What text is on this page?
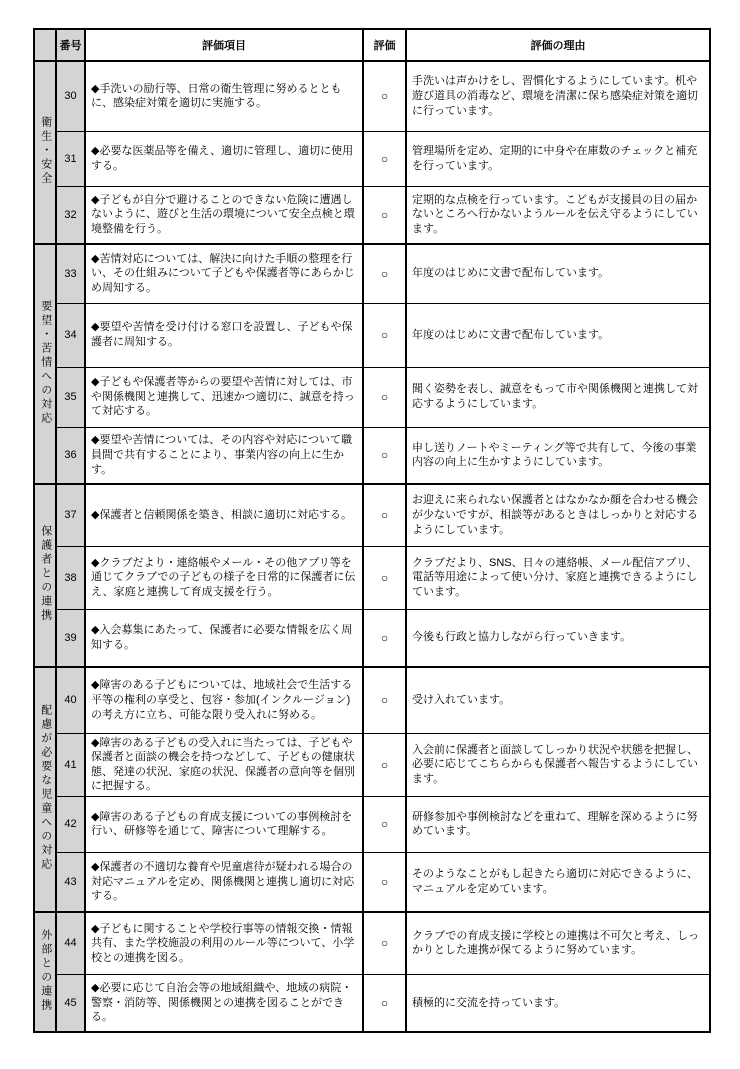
	番号	評価項目	評価	評価の理由
衛生・安全	30	◆手洗いの励行等、日常の衛生管理に努めるとともに、感染症対策を適切に実施する。	○	手洗いは声かけをし、習慣化するようにしています。机や遊び道具の消毒など、環境を清潔に保ち感染症対策を適切に行っています。
	31	◆必要な医薬品等を備え、適切に管理し、適切に使用する。	○	管理場所を定め、定期的に中身や在庫数のチェックと補充を行っています。
	32	◆子どもが自分で避けることのできない危険に遭遇しないように、遊びと生活の環境について安全点検と環境整備を行う。	○	定期的な点検を行っています。こどもが支援員の目の届かないところへ行かないようルールを伝え守るようにしています。
要望・苦情への対応	33	◆苦情対応については、解決に向けた手順の整理を行い、その仕組みについて子どもや保護者等にあらかじめ周知する。	○	年度のはじめに文書で配布しています。
	34	◆要望や苦情を受け付ける窓口を設置し、子どもや保護者に周知する。	○	年度のはじめに文書で配布しています。
	35	◆子どもや保護者等からの要望や苦情に対しては、市や関係機関と連携して、迅速かつ適切に、誠意を持って対応する。	○	聞く姿勢を表し、誠意をもって市や関係機関と連携して対応するようにしています。
	36	◆要望や苦情については、その内容や対応について職員間で共有することにより、事業内容の向上に生かす。	○	申し送りノートやミーティング等で共有して、今後の事業内容の向上に生かすようにしています。
保護者との連携	37	◆保護者と信頼関係を築き、相談に適切に対応する。	○	お迎えに来られない保護者とはなかなか顔を合わせる機会が少ないですが、相談等があるときはしっかりと対応するようにしています。
	38	◆クラブだより・連絡帳やメール・その他アプリ等を通じてクラブでの子どもの様子を日常的に保護者に伝え、家庭と連携して育成支援を行う。	○	クラブだより、SNS、日々の連絡帳、メール配信アプリ、電話等用途によって使い分け、家庭と連携できるようにしています。
	39	◆入会募集にあたって、保護者に必要な情報を広く周知する。	○	今後も行政と協力しながら行っていきます。
配慮が必要な児童への対応	40	◆障害のある子どもについては、地域社会で生活する平等の権利の享受と、包容・参加(インクルージョン)の考え方に立ち、可能な限り受入れに努める。	○	受け入れています。
	41	◆障害のある子どもの受入れに当たっては、子どもや保護者と面談の機会を持つなどして、子どもの健康状態、発達の状況、家庭の状況、保護者の意向等を個別に把握する。	○	入会前に保護者と面談してしっかり状況や状態を把握し、必要に応じてこちらからも保護者へ報告するようにしています。
	42	◆障害のある子どもの育成支援についての事例検討を行い、研修等を通じて、障害について理解する。	○	研修参加や事例検討などを重ねて、理解を深めるように努めています。
	43	◆保護者の不適切な養育や児童虐待が疑われる場合の対応マニュアルを定め、関係機関と連携し適切に対応する。	○	そのようなことがもし起きたら適切に対応できるように、マニュアルを定めています。
外部との連携	44	◆子どもに関することや学校行事等の情報交換・情報共有、また学校施設の利用のルール等について、小学校との連携を図る。	○	クラブでの育成支援に学校との連携は不可欠と考え、しっかりとした連携が保てるように努めています。
	45	◆必要に応じて自治会等の地域組織や、地域の病院・警察・消防等、関係機関との連携を図ることができる。	○	積極的に交流を持っています。
